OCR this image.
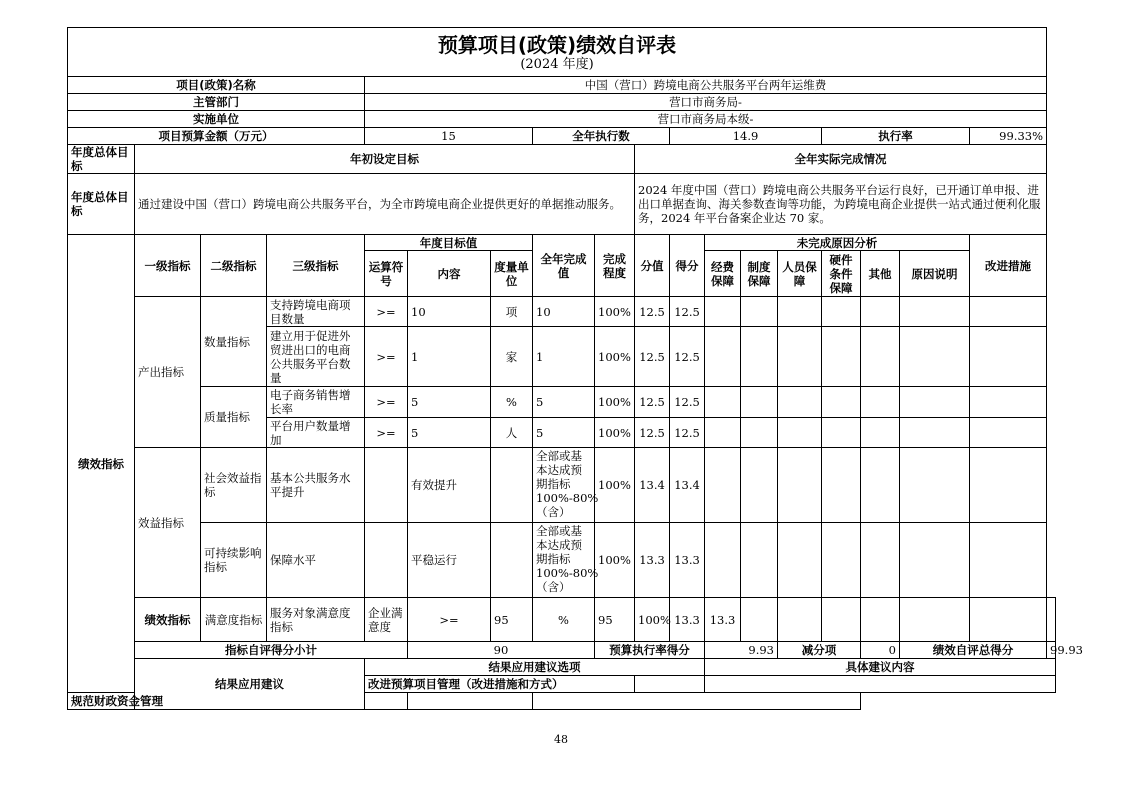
预算项目(政策)绩效自评表
(2024 年度)																		

项目(政策)名称				中国（营口）跨境电商公共服务平台两年运维费														
主管部门				营口市商务局-														
实施单位				营口市商务局本级-														
项目预算金额（万元）				15			全年执行数			14.9				执行率			99.33%	
年度总体目标	年初设定目标								全年实际完成情况									
年度总体目标	通过建设中国（营口）跨境电商公共服务平台，为全市跨境电商企业提供更好的单据推动服务。								2024 年度中国（营口）跨境电商公共服务平台运行良好，已开通订单申报、进出口单据查询、海关参数查询等功能，为跨境电商企业提供一站式通过便利化服务，2024 年平台备案企业达 70 家。									
绩效指标	一级指标	二级指标	三级指标	年度目标值			全年完成值	完成程度	分值	得分	未完成原因分析						改进措施	
				运算符号	内容	度量单位					经费保障	制度保障	人员保障	硬件条件保障	其他	原因说明		
	产出指标	数量指标	支持跨境电商项目数量	>=	10	项	10	100%	12.5	12.5								

			建立用于促进外贸进出口的电商公共服务平台数量	>=	1	家	1	100%	12.5	12.5								
		质量指标	电子商务销售增长率	>=	5	%	5	100%	12.5	12.5								

			平台用户数量增加	>=	5	人	5	100%	12.5	12.5								
	效益指标	社会效益指标	基本公共服务水平提升		有效提升		全部或基本达成预期指标100%-80%（含）	100%	13.4	13.4								
		可持续影响指标	保障水平		平稳运行		全部或基本达成预期指标100%-80%（含）	100%	13.3	13.3								
	绩效指标	满意度指标	服务对象满意度指标	企业满意度	>=	95	%	95	100%	13.3	13.3							
	指标自评得分小计				90			预算执行率得分			9.93		减分项		0	绩效自评总得分		99.93
	结果应用建议			结果应用建议选项							具体建议内容							
				改进预算项目管理（改进措施和方式）														
规范财政资金管理																		
48
